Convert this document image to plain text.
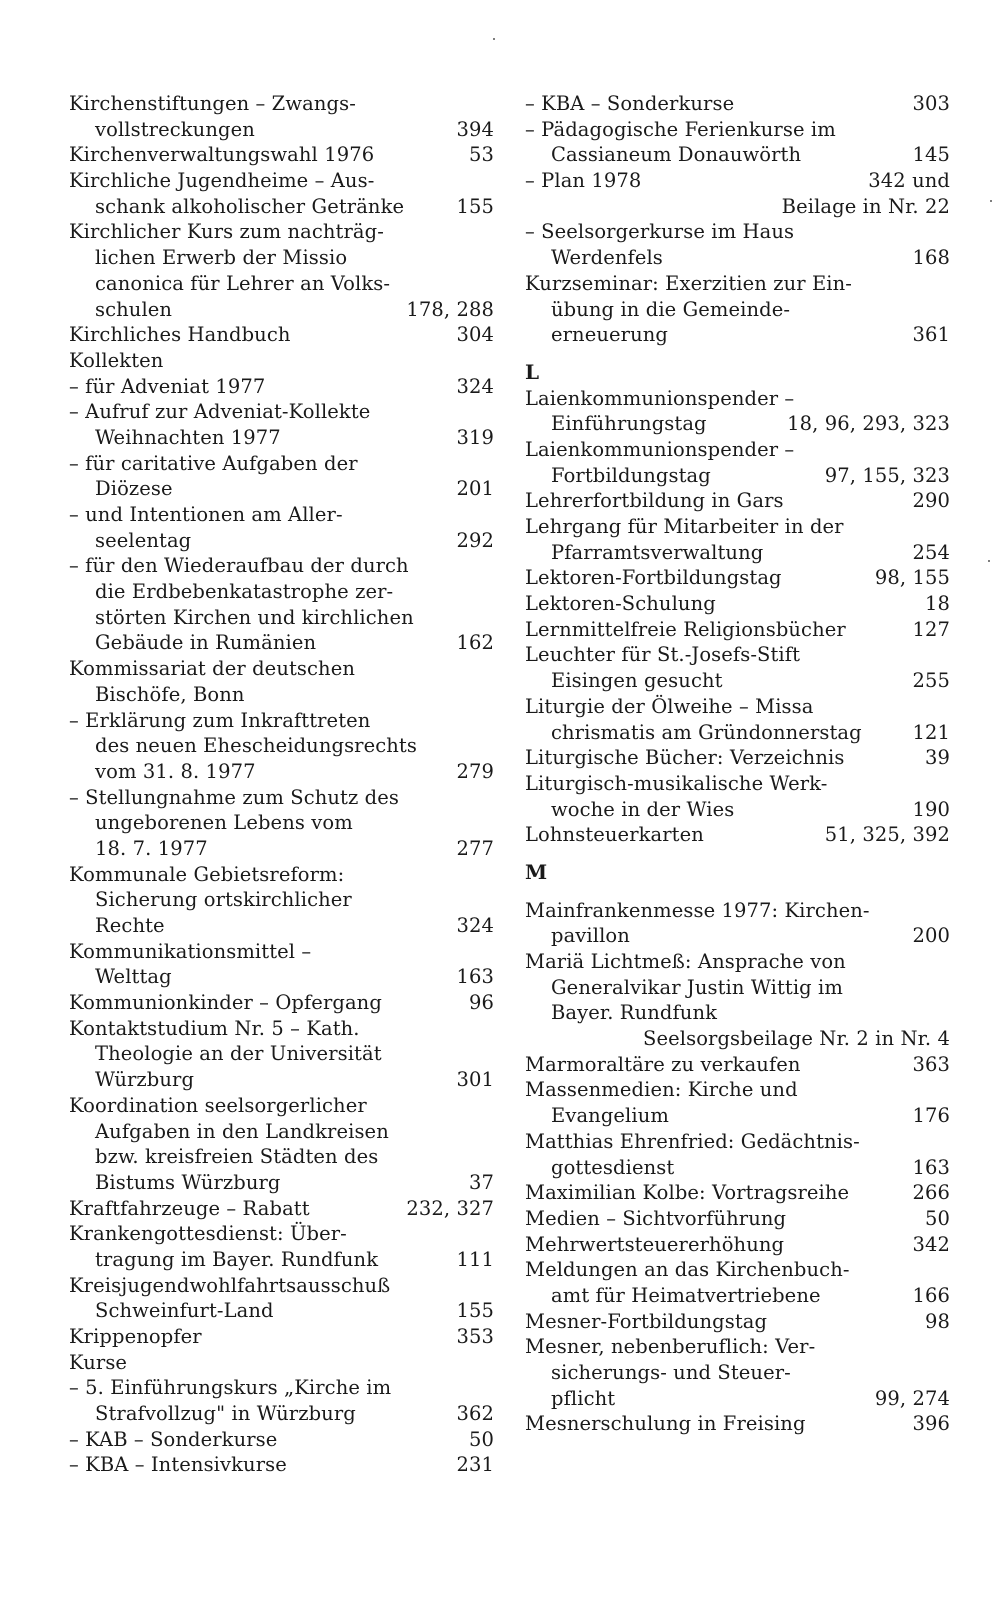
Kirchenstiftungen – Zwangs-
vollstreckungen	394
Kirchenverwaltungswahl 1976	53
Kirchliche Jugendheime – Aus-
schank alkoholischer Getränke	155
Kirchlicher Kurs zum nachträg-
lichen Erwerb der Missio
canonica für Lehrer an Volks-
schulen	178, 288
Kirchliches Handbuch	304
Kollekten
– für Adveniat 1977	324
– Aufruf zur Adveniat-Kollekte
Weihnachten 1977	319
– für caritative Aufgaben der
Diözese	201
– und Intentionen am Aller-
seelentag	292
– für den Wiederaufbau der durch
die Erdbebenkatastrophe zer-
störten Kirchen und kirchlichen
Gebäude in Rumänien	162
Kommissariat der deutschen
Bischöfe, Bonn
– Erklärung zum Inkrafttreten
des neuen Ehescheidungsrechts
vom 31. 8. 1977	279
– Stellungnahme zum Schutz des
ungeborenen Lebens vom
18. 7. 1977	277
Kommunale Gebietsreform:
Sicherung ortskirchlicher
Rechte	324
Kommunikationsmittel –
Welttag	163
Kommunionkinder – Opfergang	96
Kontaktstudium Nr. 5 – Kath.
Theologie an der Universität
Würzburg	301
Koordination seelsorgerlicher
Aufgaben in den Landkreisen
bzw. kreisfreien Städten des
Bistums Würzburg	37
Kraftfahrzeuge – Rabatt	232, 327
Krankengottesdienst: Über-
tragung im Bayer. Rundfunk	111
Kreisjugendwohlfahrtsausschuß
Schweinfurt-Land	155
Krippenopfer	353
Kurse
– 5. Einführungskurs „Kirche im
Strafvollzug" in Würzburg	362
– KAB – Sonderkurse	50
– KBA – Intensivkurse	231
– KBA – Sonderkurse	303
– Pädagogische Ferienkurse im
Cassianeum Donauwörth	145
– Plan 1978	342 und
Beilage in Nr. 22
– Seelsorgerkurse im Haus
Werdenfels	168
Kurzseminar: Exerzitien zur Ein-
übung in die Gemeinde-
erneuerung	361
L
Laienkommunionspender –
Einführungstag	18, 96, 293, 323
Laienkommunionspender –
Fortbildungstag	97, 155, 323
Lehrerfortbildung in Gars	290
Lehrgang für Mitarbeiter in der
Pfarramtsverwaltung	254
Lektoren-Fortbildungstag	98, 155
Lektoren-Schulung	18
Lernmittelfreie Religionsbücher	127
Leuchter für St.-Josefs-Stift
Eisingen gesucht	255
Liturgie der Ölweihe – Missa
chrismatis am Gründonnerstag	121
Liturgische Bücher: Verzeichnis	39
Liturgisch-musikalische Werk-
woche in der Wies	190
Lohnsteuerkarten	51, 325, 392
M
Mainfrankenmesse 1977: Kirchen-
pavillon	200
Mariä Lichtmeß: Ansprache von
Generalvikar Justin Wittig im
Bayer. Rundfunk
Seelsorgsbeilage Nr. 2 in Nr. 4
Marmoraltäre zu verkaufen	363
Massenmedien: Kirche und
Evangelium	176
Matthias Ehrenfried: Gedächtnis-
gottesdienst	163
Maximilian Kolbe: Vortragsreihe	266
Medien – Sichtvorführung	50
Mehrwertsteuererhöhung	342
Meldungen an das Kirchenbuch-
amt für Heimatvertriebene	166
Mesner-Fortbildungstag	98
Mesner, nebenberuflich: Ver-
sicherungs- und Steuer-
pflicht	99, 274
Mesnerschulung in Freising	396
